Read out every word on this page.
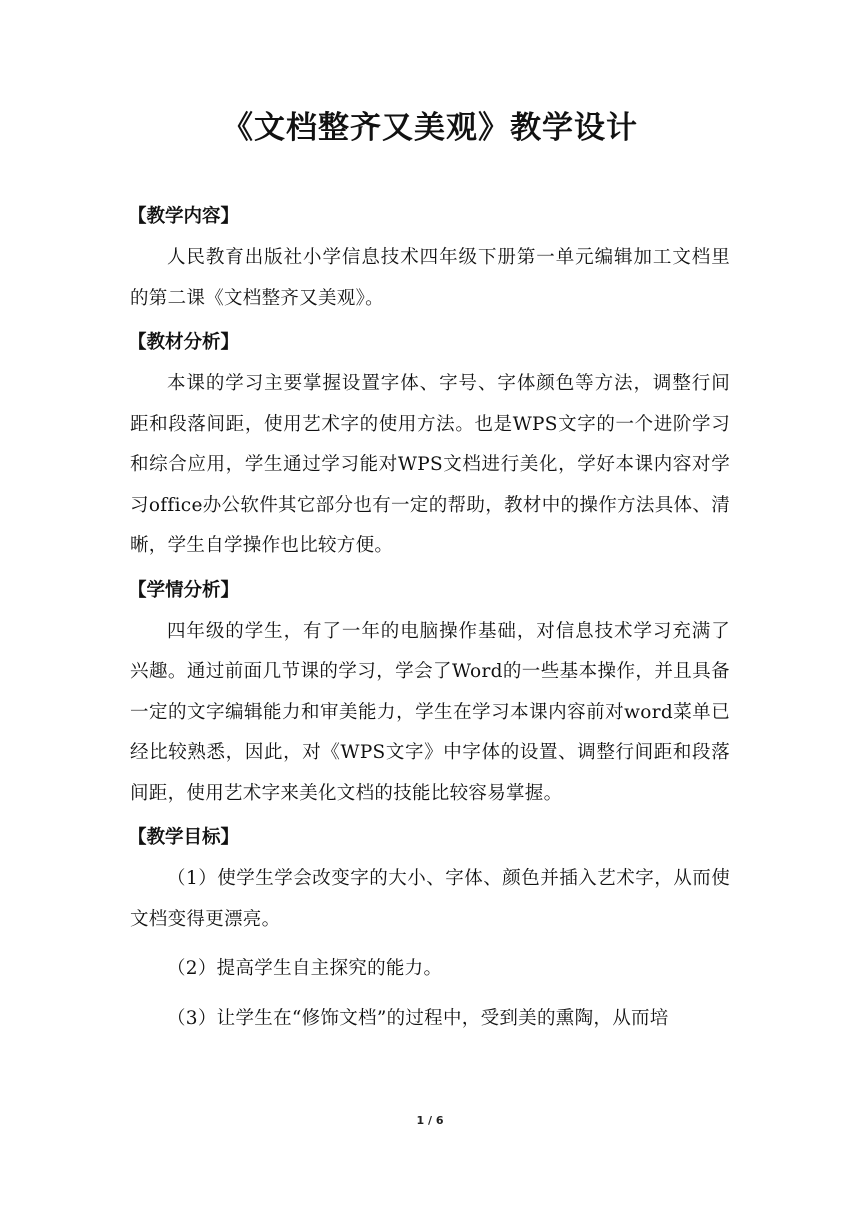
《文档整齐又美观》教学设计
【教学内容】

人民教育出版社小学信息技术四年级下册第一单元编辑加工文档里的第二课《文档整齐又美观》。

【教材分析】

本课的学习主要掌握设置字体、字号、字体颜色等方法，调整行间距和段落间距，使用艺术字的使用方法。也是WPS文字的一个进阶学习和综合应用，学生通过学习能对WPS文档进行美化，学好本课内容对学习office办公软件其它部分也有一定的帮助，教材中的操作方法具体、清晰，学生自学操作也比较方便。

【学情分析】

四年级的学生，有了一年的电脑操作基础，对信息技术学习充满了兴趣。通过前面几节课的学习，学会了Word的一些基本操作，并且具备一定的文字编辑能力和审美能力，学生在学习本课内容前对word菜单已经比较熟悉，因此，对《WPS文字》中字体的设置、调整行间距和段落间距，使用艺术字来美化文档的技能比较容易掌握。

【教学目标】

（1）使学生学会改变字的大小、字体、颜色并插入艺术字，从而使文档变得更漂亮。

（2）提高学生自主探究的能力。

（3）让学生在“修饰文档”的过程中，受到美的熏陶，从而培

1 / 6
